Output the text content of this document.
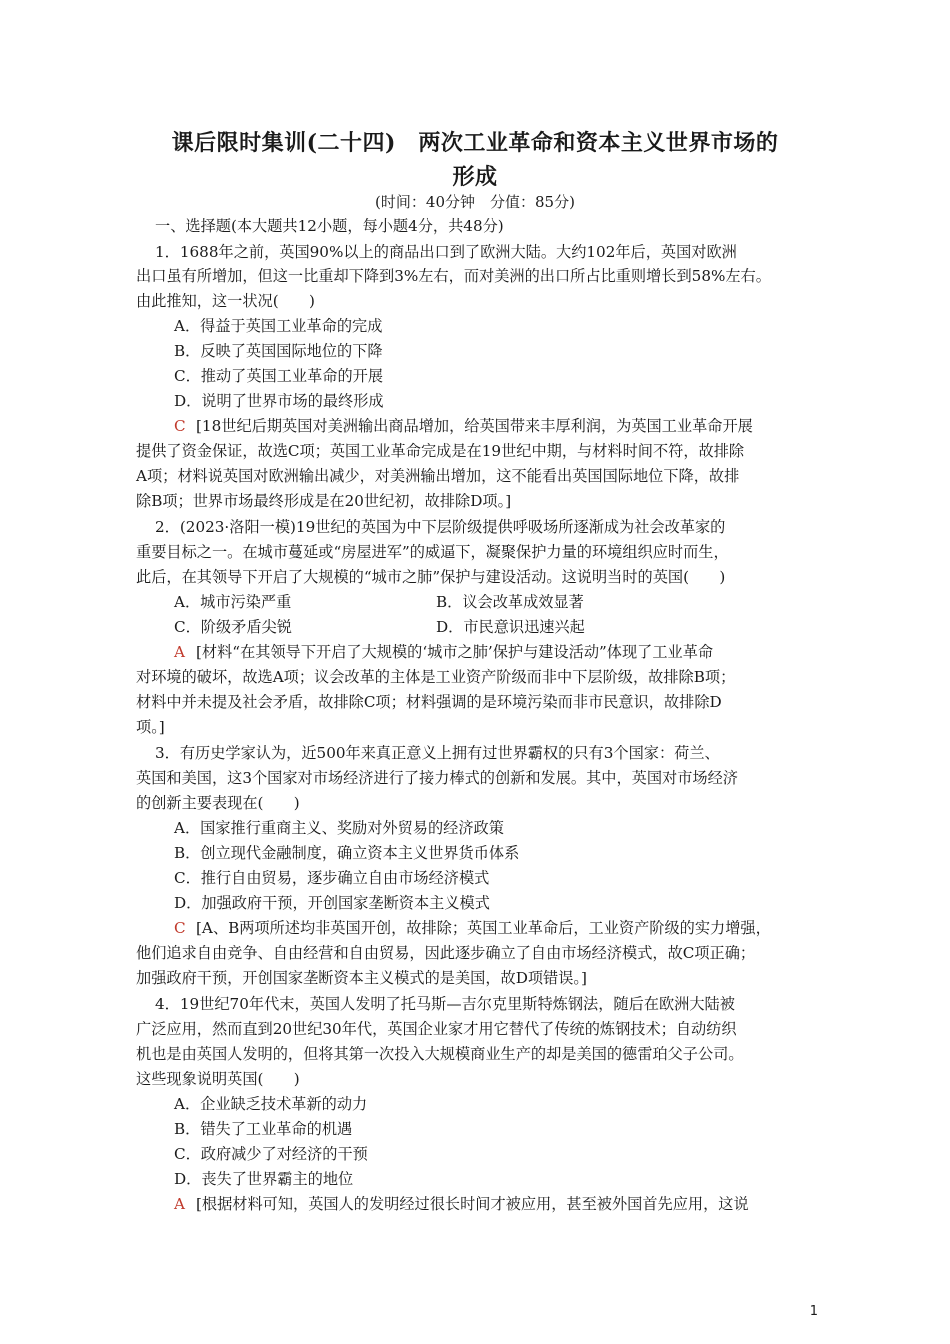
课后限时集训(二十四)　两次工业革命和资本主义世界市场的
形成
(时间：40分钟　分值：85分)
一、选择题(本大题共12小题，每小题4分，共48分)
1．1688年之前，英国90%以上的商品出口到了欧洲大陆。大约102年后，英国对欧洲
出口虽有所增加，但这一比重却下降到3%左右，而对美洲的出口所占比重则增长到58%左右。
由此推知，这一状况(　　)
A．得益于英国工业革命的完成
B．反映了英国国际地位的下降
C．推动了英国工业革命的开展
D．说明了世界市场的最终形成
C [18世纪后期英国对美洲输出商品增加，给英国带来丰厚利润，为英国工业革命开展
提供了资金保证，故选C项；英国工业革命完成是在19世纪中期，与材料时间不符，故排除
A项；材料说英国对欧洲输出减少，对美洲输出增加，这不能看出英国国际地位下降，故排
除B项；世界市场最终形成是在20世纪初，故排除D项。]
2．(2023·洛阳一模)19世纪的英国为中下层阶级提供呼吸场所逐渐成为社会改革家的
重要目标之一。在城市蔓延或“房屋进军”的威逼下，凝聚保护力量的环境组织应时而生，
此后，在其领导下开启了大规模的“城市之肺”保护与建设活动。这说明当时的英国(　　)
A．城市污染严重	B．议会改革成效显著
C．阶级矛盾尖锐	D．市民意识迅速兴起
A [材料“在其领导下开启了大规模的‘城市之肺’保护与建设活动”体现了工业革命
对环境的破坏，故选A项；议会改革的主体是工业资产阶级而非中下层阶级，故排除B项；
材料中并未提及社会矛盾，故排除C项；材料强调的是环境污染而非市民意识，故排除D
项。]
3．有历史学家认为，近500年来真正意义上拥有过世界霸权的只有3个国家：荷兰、
英国和美国，这3个国家对市场经济进行了接力棒式的创新和发展。其中，英国对市场经济
的创新主要表现在(　　)
A．国家推行重商主义、奖励对外贸易的经济政策
B．创立现代金融制度，确立资本主义世界货币体系
C．推行自由贸易，逐步确立自由市场经济模式
D．加强政府干预，开创国家垄断资本主义模式
C [A、B两项所述均非英国开创，故排除；英国工业革命后，工业资产阶级的实力增强，
他们追求自由竞争、自由经营和自由贸易，因此逐步确立了自由市场经济模式，故C项正确；
加强政府干预，开创国家垄断资本主义模式的是美国，故D项错误。]
4．19世纪70年代末，英国人发明了托马斯—吉尔克里斯特炼钢法，随后在欧洲大陆被
广泛应用，然而直到20世纪30年代，英国企业家才用它替代了传统的炼钢技术；自动纺织
机也是由英国人发明的，但将其第一次投入大规模商业生产的却是美国的德雷珀父子公司。
这些现象说明英国(　　)
A．企业缺乏技术革新的动力
B．错失了工业革命的机遇
C．政府减少了对经济的干预
D．丧失了世界霸主的地位
A [根据材料可知，英国人的发明经过很长时间才被应用，甚至被外国首先应用，这说
1
